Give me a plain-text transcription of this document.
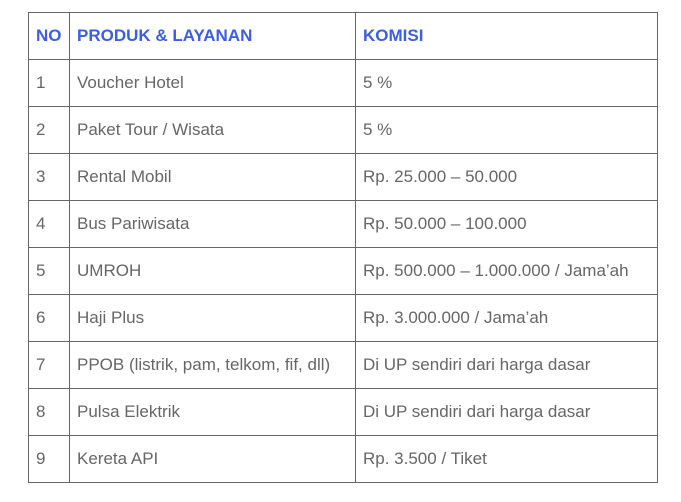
NO	PRODUK & LAYANAN	KOMISI
1	Voucher Hotel	5 %
2	Paket Tour / Wisata	5 %
3	Rental Mobil	Rp. 25.000 – 50.000
4	Bus Pariwisata	Rp. 50.000 – 100.000
5	UMROH	Rp. 500.000 – 1.000.000 / Jama’ah
6	Haji Plus	Rp. 3.000.000 / Jama’ah
7	PPOB (listrik, pam, telkom, fif, dll)	Di UP sendiri dari harga dasar
8	Pulsa Elektrik	Di UP sendiri dari harga dasar
9	Kereta API	Rp. 3.500 / Tiket
